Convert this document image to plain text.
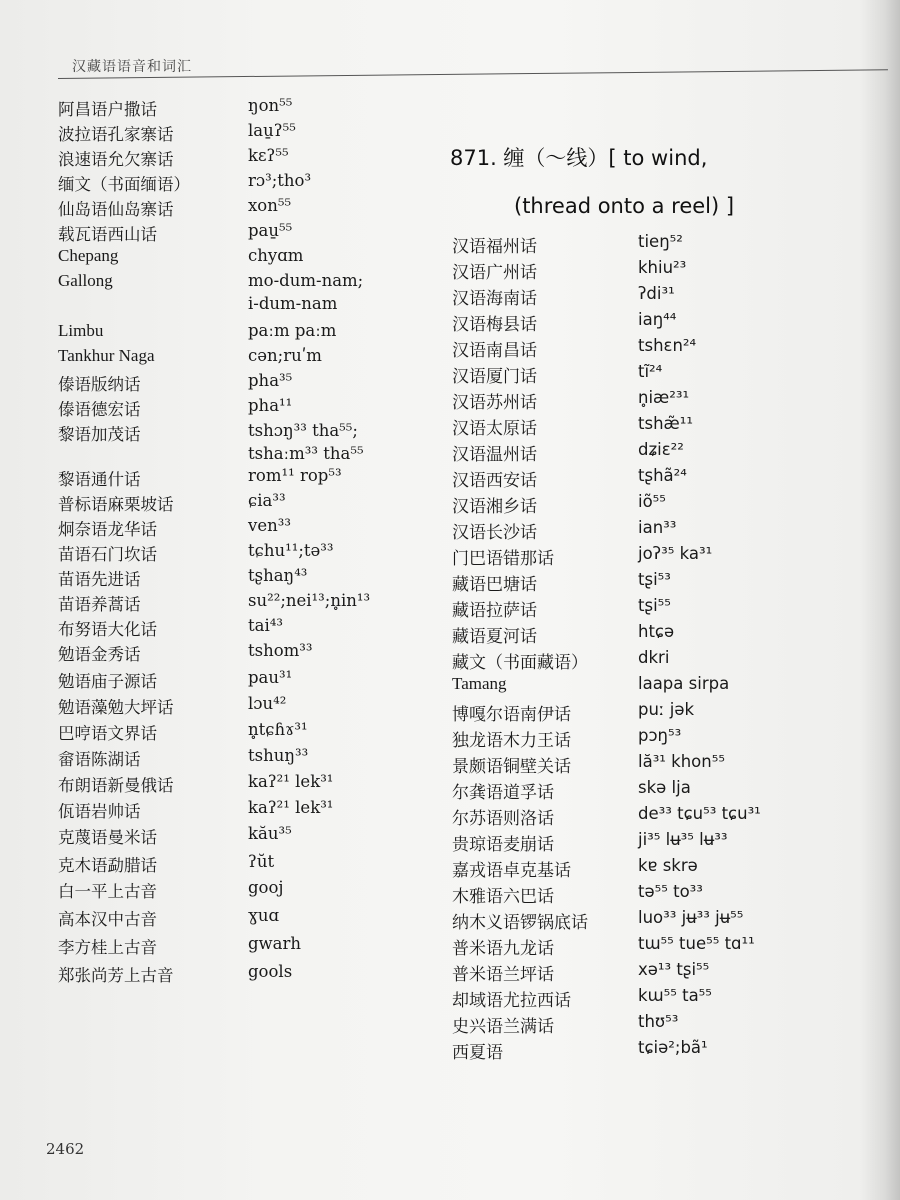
汉藏语语音和词汇
阿昌语户撒话	ŋon⁵⁵
波拉语孔家寨话	lau̱ʔ⁵⁵
浪速语允欠寨话	kɛʔ⁵⁵
缅文（书面缅语）	rɔ³;tho³
仙岛语仙岛寨话	xon⁵⁵
载瓦语西山话	pau̱⁵⁵
Chepang	chyɑm
Gallong	mo-dum-nam;
i-dum-nam
Limbu	paːm paːm
Tankhur Naga	cən;ruʹm
傣语版纳话	pha³⁵
傣语德宏话	pha¹¹
黎语加茂话	tshɔŋ³³ tha⁵⁵;
tshaːm³³ tha⁵⁵
黎语通什话	rom¹¹ rop⁵³
普标语麻栗坡话	ɕia³³
炯奈语龙华话	ven³³
苗语石门坎话	tɕhu¹¹;tə³³
苗语先进话	tʂhaŋ⁴³
苗语养蒿话	su²²;nei¹³;n̥in¹³
布努语大化话	tai⁴³
勉语金秀话	tshom³³
勉语庙子源话	pau³¹
勉语藻勉大坪话	lɔu⁴²
巴哼语文界话	n̥tɕɦɤ³¹
畲语陈湖话	tshuŋ³³
布朗语新曼俄话	kaʔ²¹ lek³¹
佤语岩帅话	kaʔ²¹ lek³¹
克蔑语曼米话	kău³⁵
克木语勐腊话	ʔŭt
白一平上古音	gooj
高本汉中古音	ɣuɑ
李方桂上古音	gwarh
郑张尚芳上古音	gools
871. 缠（～线）[ to wind,
(thread onto a reel) ]
汉语福州话	tieŋ⁵²
汉语广州话	khiu²³
汉语海南话	ʔdi³¹
汉语梅县话	iaŋ⁴⁴
汉语南昌话	tshɛn²⁴
汉语厦门话	tĩ²⁴
汉语苏州话	n̥iæ²³¹
汉语太原话	tshæ̃¹¹
汉语温州话	dʑiɛ²²
汉语西安话	tʂhã²⁴
汉语湘乡话	iõ⁵⁵
汉语长沙话	ian³³
门巴语错那话	joʔ³⁵ ka³¹
藏语巴塘话	tʂi⁵³
藏语拉萨话	tʂi⁵⁵
藏语夏河话	htɕə
藏文（书面藏语）	dkri
Tamang	laapa sirpa
博嘎尔语南伊话	puː jək
独龙语木力王话	pɔŋ⁵³
景颇语铜壁关话	lă³¹ khon⁵⁵
尔龚语道孚话	skə lja
尔苏语则洛话	de³³ tɕu⁵³ tɕu³¹
贵琼语麦崩话	ji³⁵ lʉ³⁵ lʉ³³
嘉戎语卓克基话	kɐ skrə
木雅语六巴话	tə⁵⁵ to³³
纳木义语锣锅底话	luo³³ jʉ³³ jʉ⁵⁵
普米语九龙话	tɯ⁵⁵ tue⁵⁵ tɑ¹¹
普米语兰坪话	xə¹³ tʂi⁵⁵
却域语尤拉西话	kɯ⁵⁵ ta⁵⁵
史兴语兰满话	thʊ⁵³
西夏语	tɕiə²;bã¹
2462
